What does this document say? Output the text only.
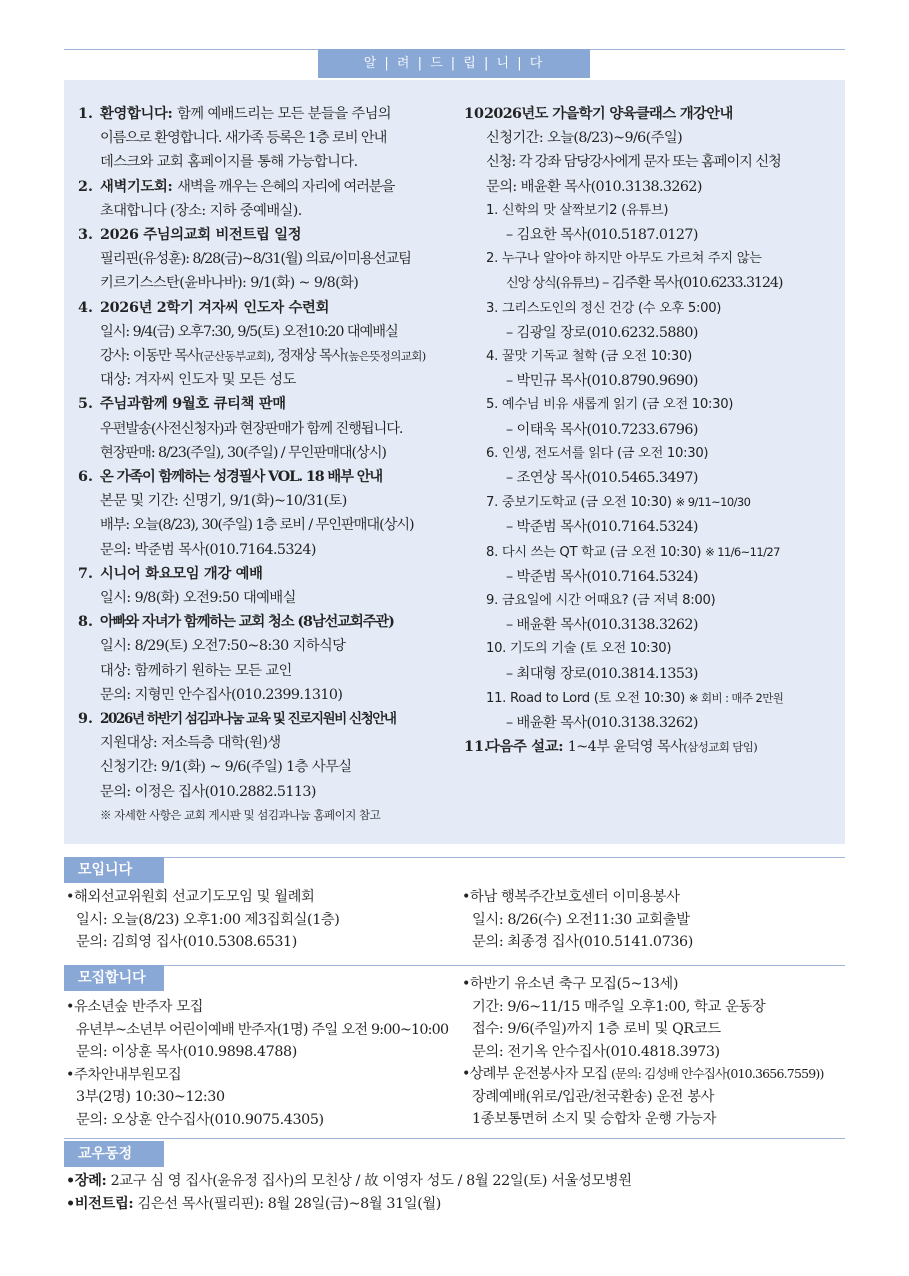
알 | 려 | 드 | 립 | 니 | 다
1. 환영합니다: 함께 예배드리는 모든 분들을 주님의
이름으로 환영합니다. 새가족 등록은 1층 로비 안내
데스크와 교회 홈페이지를 통해 가능합니다.
2. 새벽기도회: 새벽을 깨우는 은혜의 자리에 여러분을
초대합니다 (장소: 지하 중예배실).
3. 2026 주님의교회 비전트립 일정
필리핀(유성훈): 8/28(금)~8/31(월) 의료/이미용선교팀
키르기스스탄(윤바나바): 9/1(화) ~ 9/8(화)
4. 2026년 2학기 겨자씨 인도자 수련회
일시: 9/4(금) 오후7:30, 9/5(토) 오전10:20 대예배실
강사: 이동만 목사(군산동부교회), 정재상 목사(높은뜻정의교회)
대상: 겨자씨 인도자 및 모든 성도
5. 주님과함께 9월호 큐티책 판매
우편발송(사전신청자)과 현장판매가 함께 진행됩니다.
현장판매: 8/23(주일), 30(주일) / 무인판매대(상시)
6. 온 가족이 함께하는 성경필사 VOL. 18 배부 안내
본문 및 기간: 신명기, 9/1(화)~10/31(토)
배부: 오늘(8/23), 30(주일) 1층 로비 / 무인판매대(상시)
문의: 박준범 목사(010.7164.5324)
7. 시니어 화요모임 개강 예배
일시: 9/8(화) 오전9:50 대예배실
8. 아빠와 자녀가 함께하는 교회 청소 (8남선교회주관)
일시: 8/29(토) 오전7:50~8:30 지하식당
대상: 함께하기 원하는 모든 교인
문의: 지형민 안수집사(010.2399.1310)
9. 2026년 하반기 섬김과나눔 교육 및 진로지원비 신청안내
지원대상: 저소득층 대학(원)생
신청기간: 9/1(화) ~ 9/6(주일) 1층 사무실
문의: 이정은 집사(010.2882.5113)
※ 자세한 사항은 교회 게시판 및 섬김과나눔 홈페이지 참고
10.2026년도 가을학기 양육클래스 개강안내
신청기간: 오늘(8/23)~9/6(주일)
신청: 각 강좌 담당강사에게 문자 또는 홈페이지 신청
문의: 배윤환 목사(010.3138.3262)
1. 신학의 맛 살짝보기2 (유튜브)
– 김요한 목사(010.5187.0127)
2. 누구나 알아야 하지만 아무도 가르쳐 주지 않는
신앙 상식(유튜브) – 김주환 목사(010.6233.3124)
3. 그리스도인의 정신 건강 (수 오후 5:00)
– 김광일 장로(010.6232.5880)
4. 꿀맛 기독교 철학 (금 오전 10:30)
– 박민규 목사(010.8790.9690)
5. 예수님 비유 새롭게 읽기 (금 오전 10:30)
– 이태욱 목사(010.7233.6796)
6. 인생, 전도서를 읽다 (금 오전 10:30)
– 조연상 목사(010.5465.3497)
7. 중보기도학교 (금 오전 10:30) ※ 9/11~10/30
– 박준범 목사(010.7164.5324)
8. 다시 쓰는 QT 학교 (금 오전 10:30) ※ 11/6~11/27
– 박준범 목사(010.7164.5324)
9. 금요일에 시간 어때요? (금 저녁 8:00)
– 배윤환 목사(010.3138.3262)
10. 기도의 기술 (토 오전 10:30)
– 최대형 장로(010.3814.1353)
11. Road to Lord (토 오전 10:30) ※ 회비 : 매주 2만원
– 배윤환 목사(010.3138.3262)
11.다음주 설교: 1~4부 윤덕영 목사(삼성교회 담임)
모입니다
•해외선교위원회 선교기도모임 및 월례회
일시: 오늘(8/23) 오후1:00 제3집회실(1층)
문의: 김희영 집사(010.5308.6531)
•하남 행복주간보호센터 이미용봉사
일시: 8/26(수) 오전11:30 교회출발
문의: 최종경 집사(010.5141.0736)
모집합니다
•유소년숲 반주자 모집
유년부~소년부 어린이예배 반주자(1명) 주일 오전 9:00~10:00
문의: 이상훈 목사(010.9898.4788)
•주차안내부원모집
3부(2명) 10:30~12:30
문의: 오상훈 안수집사(010.9075.4305)
•하반기 유소년 축구 모집(5~13세)
기간: 9/6~11/15 매주일 오후1:00, 학교 운동장
접수: 9/6(주일)까지 1층 로비 및 QR코드
문의: 전기옥 안수집사(010.4818.3973)
•상례부 운전봉사자 모집 (문의: 김성배 안수집사(010.3656.7559))
장례예배(위로/입관/천국환송) 운전 봉사
1종보통면허 소지 및 승합차 운행 가능자
교우동정
•장례: 2교구 심 영 집사(윤유정 집사)의 모친상 / 故 이영자 성도 / 8월 22일(토) 서울성모병원
•비전트립: 김은선 목사(필리핀): 8월 28일(금)~8월 31일(월)
